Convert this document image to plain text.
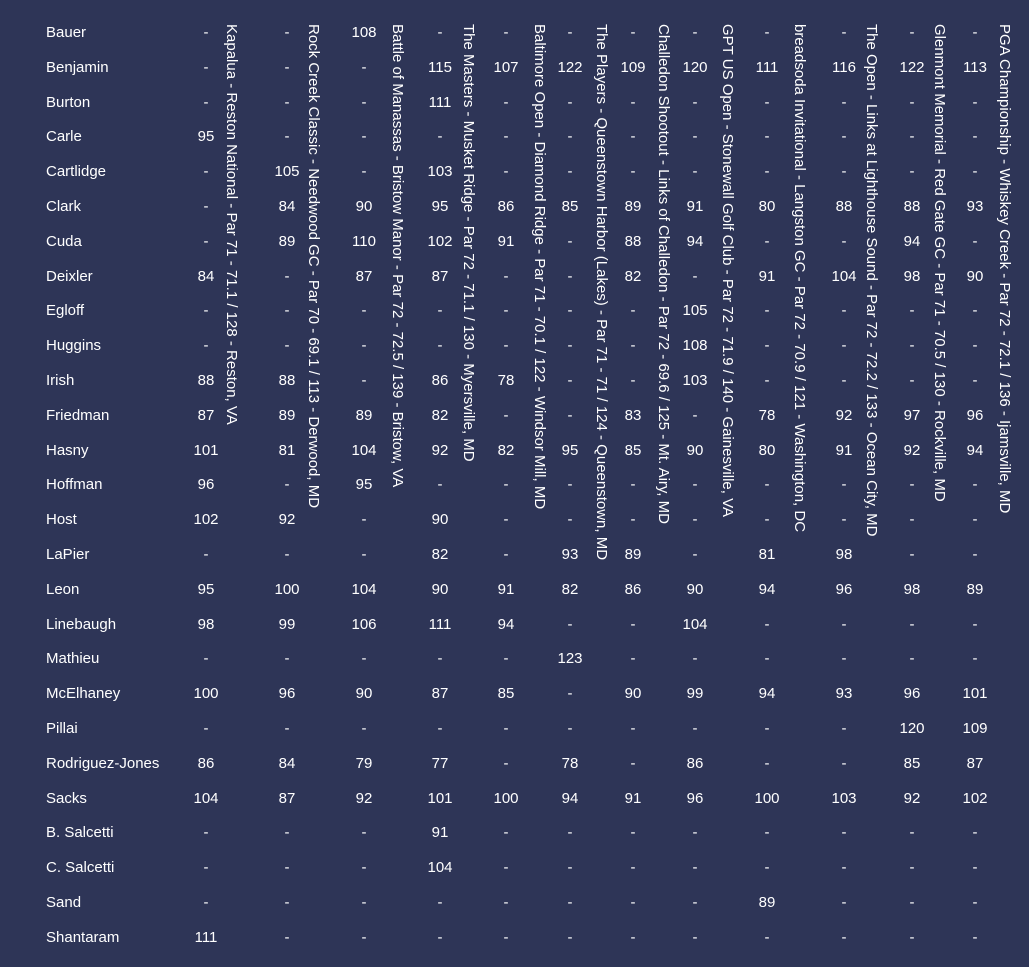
Kapalua - Reston National - Par 71 - 71.1 / 128 - Reston, VA	Rock Creek Classic - Needwood GC - Par 70 - 69.1 / 113 - Derwood, MD	Battle of Manassas - Bristow Manor - Par 72 - 72.5 / 139 - Bristow, VA	The Masters - Musket Ridge - Par 72 - 71.1 / 130 - Myersville, MD	Baltimore Open - Diamond Ridge - Par 71 - 70.1 / 122 - Windsor Mill, MD	The Players - Queenstown Harbor (Lakes) - Par 71 - 71 / 124 - Queenstown, MD	Challedon Shootout - Links of Challedon - Par 72 - 69.6 / 125 - Mt. Airy, MD	GPT US Open - Stonewall Golf Club - Par 72 - 71.9 / 140 - Gainesville, VA	breadsoda Invitational - Langston GC - Par 72 - 70.9 / 121 - Washington, DC	The Open - Links at Lighthouse Sound - Par 72 - 72.2 / 133 - Ocean City, MD	Glenmont Memorial - Red Gate GC - Par 71 - 70.5 / 130 - Rockville, MD	PGA Championship - Whiskey Creek - Par 72 - 72.1 / 136 - Ijamsville, MD
Bauer	-	-	108	-	-	-	-	-	-	-	-	-
Benjamin	-	-	-	115	107	122	109	120	111	116	122	113
Burton	-	-	-	111	-	-	-	-	-	-	-	-
Carle	95	-	-	-	-	-	-	-	-	-	-	-
Cartlidge	-	105	-	103	-	-	-	-	-	-	-	-
Clark	-	84	90	95	86	85	89	91	80	88	88	93
Cuda	-	89	110	102	91	-	88	94	-	-	94	-
Deixler	84	-	87	87	-	-	82	-	91	104	98	90
Egloff	-	-	-	-	-	-	-	105	-	-	-	-
Huggins	-	-	-	-	-	-	-	108	-	-	-	-
Irish	88	88	-	86	78	-	-	103	-	-	-	-
Friedman	87	89	89	82	-	-	83	-	78	92	97	96
Hasny	101	81	104	92	82	95	85	90	80	91	92	94
Hoffman	96	-	95	-	-	-	-	-	-	-	-	-
Host	102	92	-	90	-	-	-	-	-	-	-	-
LaPier	-	-	-	82	-	93	89	-	81	98	-	-
Leon	95	100	104	90	91	82	86	90	94	96	98	89
Linebaugh	98	99	106	111	94	-	-	104	-	-	-	-
Mathieu	-	-	-	-	-	123	-	-	-	-	-	-
McElhaney	100	96	90	87	85	-	90	99	94	93	96	101
Pillai	-	-	-	-	-	-	-	-	-	-	120	109
Rodriguez-Jones	86	84	79	77	-	78	-	86	-	-	85	87
Sacks	104	87	92	101	100	94	91	96	100	103	92	102
B. Salcetti	-	-	-	91	-	-	-	-	-	-	-	-
C. Salcetti	-	-	-	104	-	-	-	-	-	-	-	-
Sand	-	-	-	-	-	-	-	-	89	-	-	-
Shantaram	111	-	-	-	-	-	-	-	-	-	-	-
